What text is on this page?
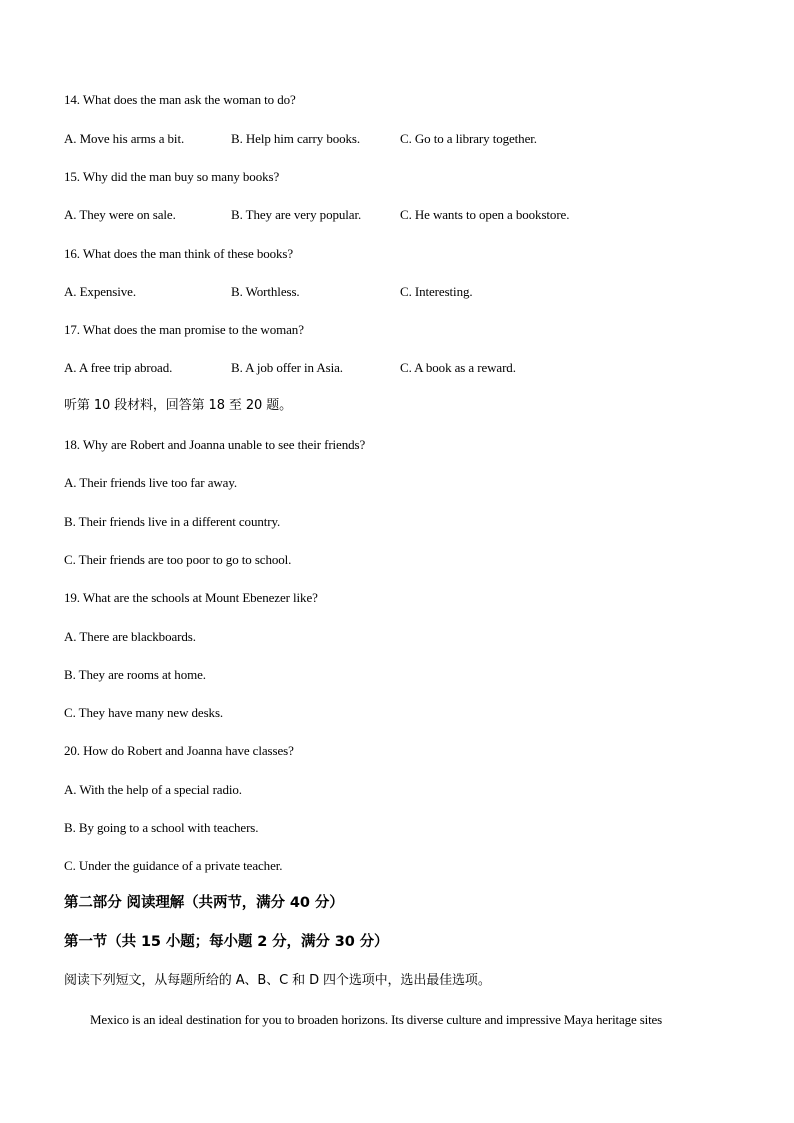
14. What does the man ask the woman to do?
A. Move his arms a bit.	B. Help him carry books.	C. Go to a library together.
15. Why did the man buy so many books?
A. They were on sale.	B. They are very popular.	C. He wants to open a bookstore.
16. What does the man think of these books?
A. Expensive.	B. Worthless.	C. Interesting.
17. What does the man promise to the woman?
A. A free trip abroad.	B. A job offer in Asia.	C. A book as a reward.
听第 10 段材料，回答第 18 至 20 题。
18. Why are Robert and Joanna unable to see their friends?
A. Their friends live too far away.
B. Their friends live in a different country.
C. Their friends are too poor to go to school.
19. What are the schools at Mount Ebenezer like?
A. There are blackboards.
B. They are rooms at home.
C. They have many new desks.
20. How do Robert and Joanna have classes?
A. With the help of a special radio.
B. By going to a school with teachers.
C. Under the guidance of a private teacher.
第二部分 阅读理解（共两节，满分 40 分）
第一节（共 15 小题；每小题 2 分，满分 30 分）
阅读下列短文，从每题所给的 A、B、C 和 D 四个选项中，选出最佳选项。
Mexico is an ideal destination for you to broaden horizons. Its diverse culture and impressive Maya heritage sites
